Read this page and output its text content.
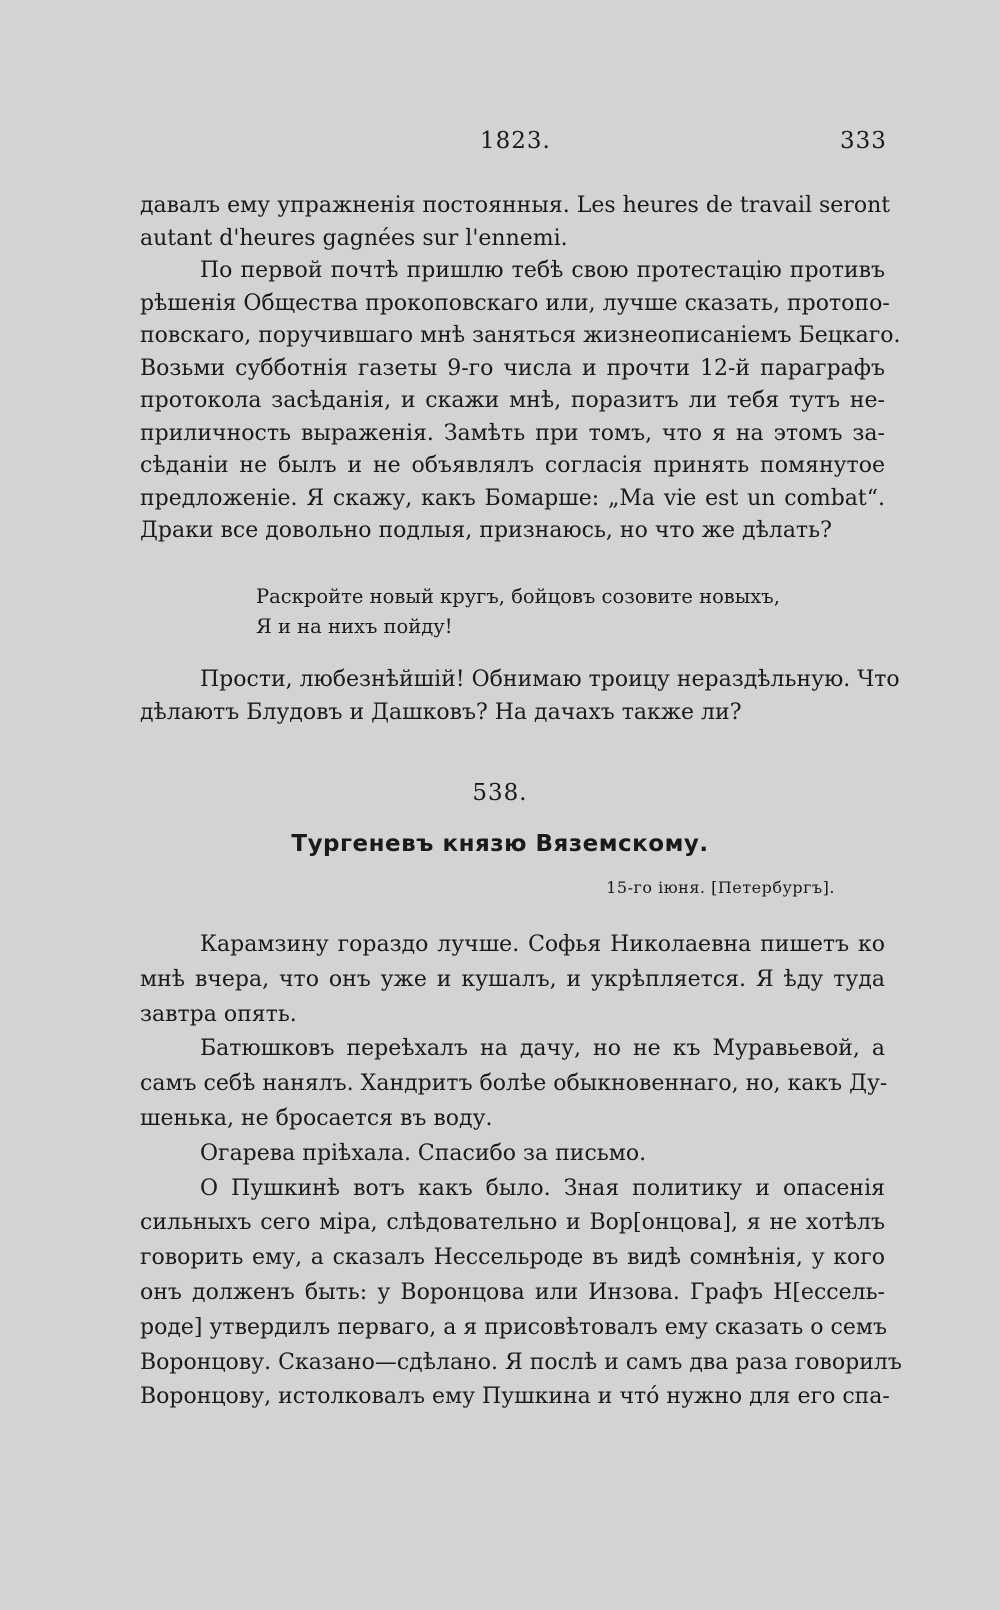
1823.	333
давалъ ему упражненія постоянныя. Les heures de travail seront
autant d'heures gagnées sur l'ennemi.
По первой почтѣ пришлю тебѣ свою протестацію противъ
рѣшенія Общества прокоповскаго или, лучше сказать, протопо-
повскаго, поручившаго мнѣ заняться жизнеописаніемъ Бецкаго.
Возьми субботнія газеты 9-го числа и прочти 12-й параграфъ
протокола засѣданія, и скажи мнѣ, поразитъ ли тебя тутъ не-
приличность выраженія. Замѣть при томъ, что я на этомъ за-
сѣданіи не былъ и не объявлялъ согласія принять помянутое
предложеніе. Я скажу, какъ Бомарше: „Ma vie est un combat“.
Драки все довольно подлыя, признаюсь, но что же дѣлать?
Раскройте новый кругъ, бойцовъ созовите новыхъ,
Я и на нихъ пойду!
Прости, любезнѣйшій! Обнимаю троицу нераздѣльную. Что
дѣлаютъ Блудовъ и Дашковъ? На дачахъ также ли?
538.
Тургеневъ князю Вяземскому.
15-го іюня. [Петербургъ].
Карамзину гораздо лучше. Софья Николаевна пишетъ ко
мнѣ вчера, что онъ уже и кушалъ, и укрѣпляется. Я ѣду туда
завтра опять.
Батюшковъ переѣхалъ на дачу, но не къ Муравьевой, а
самъ себѣ нанялъ. Хандритъ болѣе обыкновеннаго, но, какъ Ду-
шенька, не бросается въ воду.
Огарева пріѣхала. Спасибо за письмо.
О Пушкинѣ вотъ какъ было. Зная политику и опасенія
сильныхъ сего міра, слѣдовательно и Вор[онцова], я не хотѣлъ
говорить ему, а сказалъ Нессельроде въ видѣ сомнѣнія, у кого
онъ долженъ быть: у Воронцова или Инзова. Графъ Н[ессель-
роде] утвердилъ перваго, а я присовѣтовалъ ему сказать о семъ
Воронцову. Сказано—сдѣлано. Я послѣ и самъ два раза говорилъ
Воронцову, истолковалъ ему Пушкина и чтó нужно для его спа-
